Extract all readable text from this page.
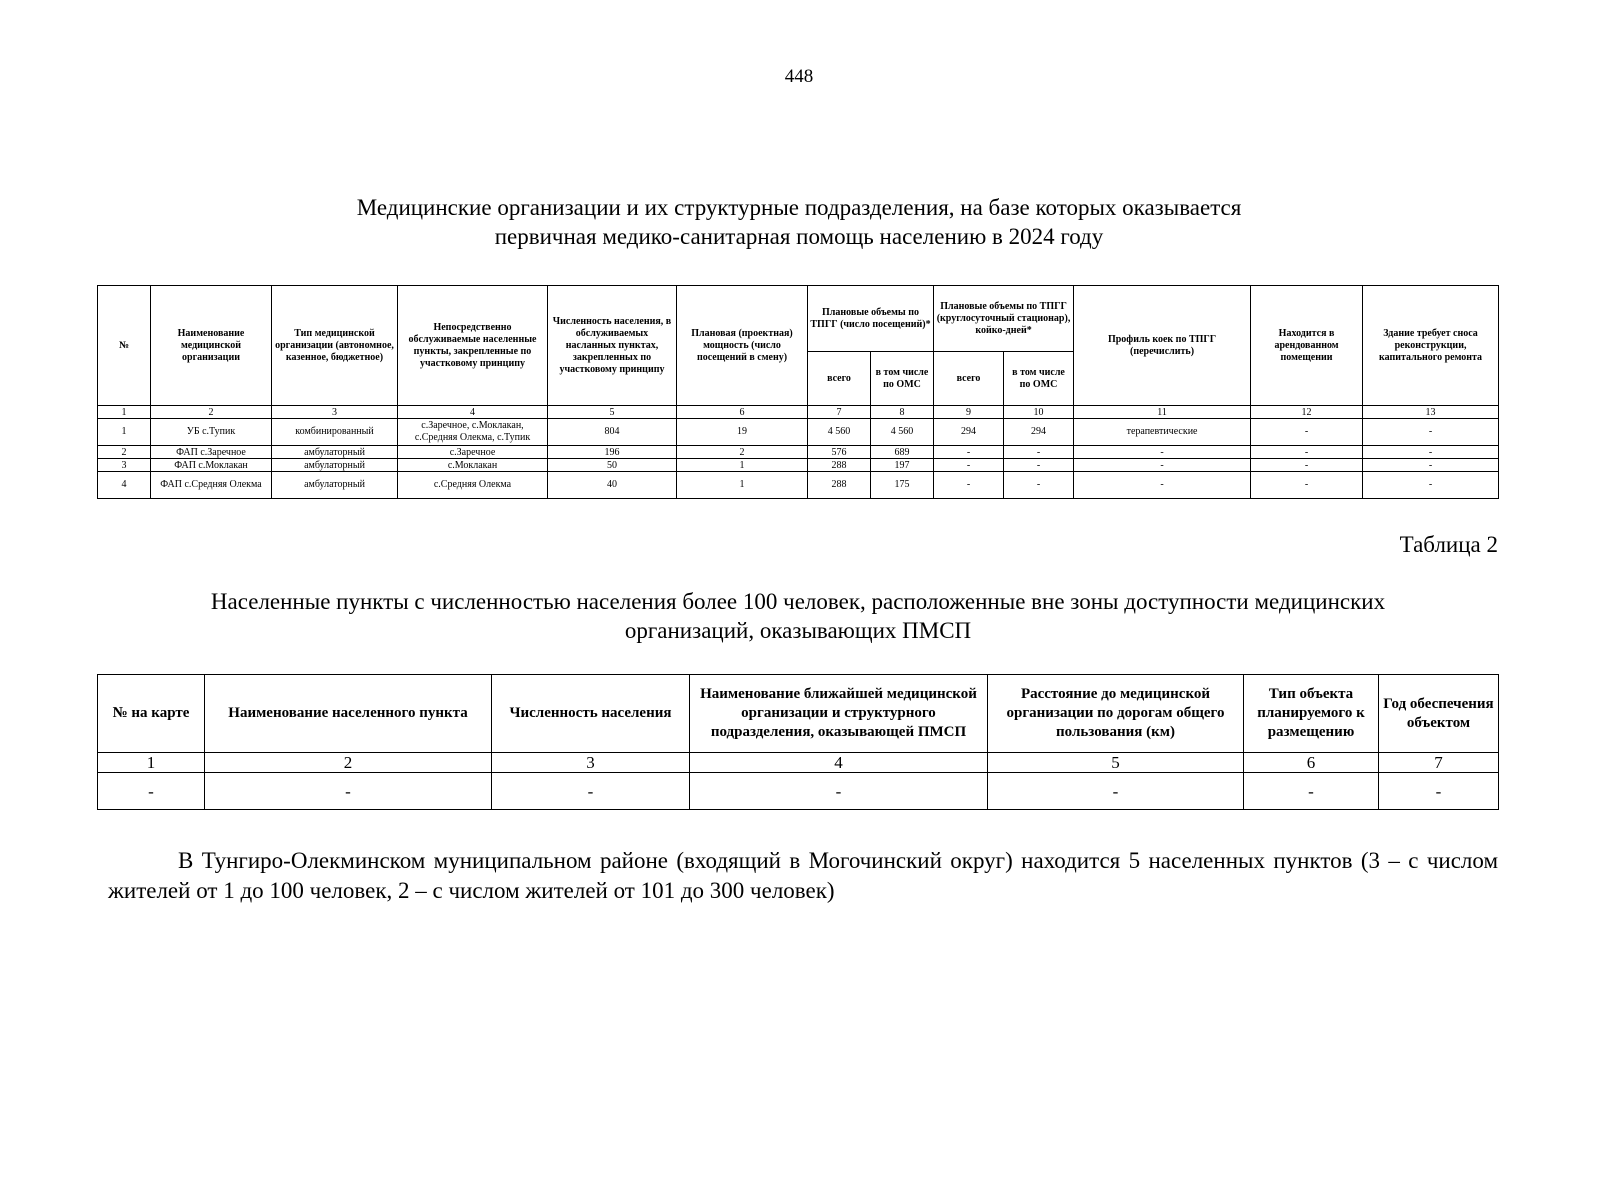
448
Медицинские организации и их структурные подразделения, на базе которых оказывается
первичная медико-санитарная помощь населению в 2024 году
№	Наименование медицинской организации	Тип медицинской организации (автономное, казенное, бюджетное)	Непосредственно обслуживаемые населенные пункты, закрепленные по участковому принципу	Численность населения, в обслуживаемых насланных пунктах, закрепленных по участковому принципу	Плановая (проектная) мощность (число посещений в смену)	Плановые объемы по ТПГГ (число посещений)*		Плановые объемы по ТПГГ (круглосуточный стационар), койко-дней*		Профиль коек по ТПГГ (перечислить)	Находится в арендованном помещении	Здание требует сноса реконструкции, капитального ремонта
						всего	в том числе по ОМС	всего	в том числе по ОМС			
1	2	3	4	5	6	7	8	9	10	11	12	13
1	УБ с.Тупик	комбинированный	с.Заречное, с.Моклакан, с.Средняя Олекма, с.Тупик	804	19	4 560	4 560	294	294	терапевтические	-	-
2	ФАП с.Заречное	амбулаторный	с.Заречное	196	2	576	689	-	-	-	-	-
3	ФАП с.Моклакан	амбулаторный	с.Моклакан	50	1	288	197	-	-	-	-	-
4	ФАП с.Средняя Олекма	амбулаторный	с.Средняя Олекма	40	1	288	175	-	-	-	-	-
Таблица 2
Населенные пункты с численностью населения более 100 человек, расположенные вне зоны доступности медицинских
организаций, оказывающих ПМСП
№ на карте	Наименование населенного пункта	Численность населения	Наименование ближайшей медицинской организации и структурного подразделения, оказывающей ПМСП	Расстояние до медицинской организации по дорогам общего пользования (км)	Тип объекта планируемого к размещению	Год обеспечения объектом
1	2	3	4	5	6	7
-	-	-	-	-	-	-

В Тунгиро-Олекминском муниципальном районе (входящий в Могочинский округ) находится 5 населенных пунктов (3 – с числом жителей от 1 до 100 человек, 2 – с числом жителей от 101 до 300 человек)
